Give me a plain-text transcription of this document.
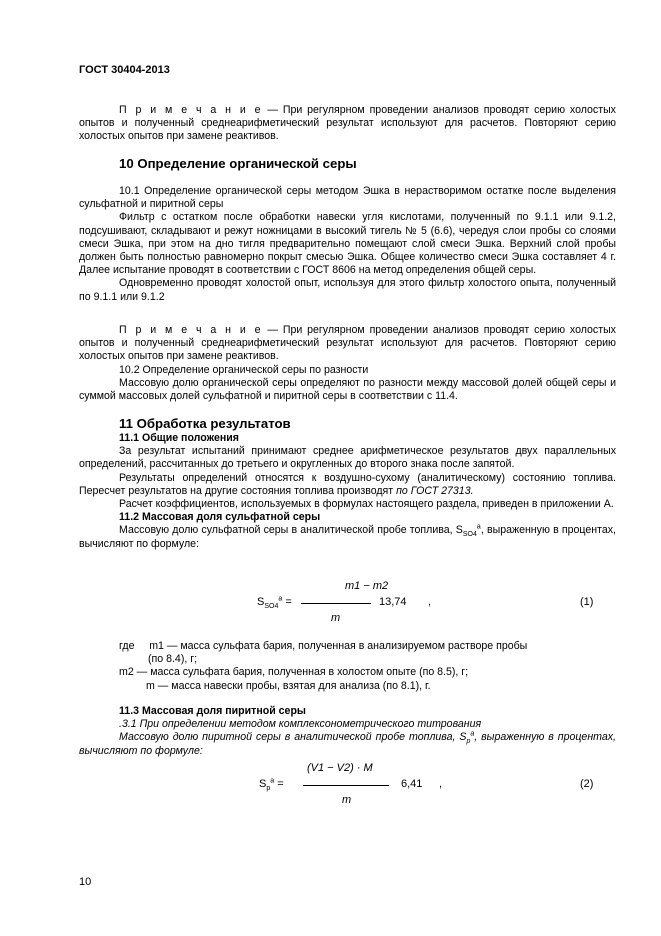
ГОСТ 30404-2013

П р и м е ч а н и е — При регулярном проведении анализов проводят серию холостых опытов и полученный среднеарифметический результат используют для расчетов. Повторяют серию холостых опытов при замене реактивов.

10 Определение органической серы

10.1 Определение органической серы методом Эшка в нерастворимом остатке после выделения сульфатной и пиритной серы

Фильтр с остатком после обработки навески угля кислотами, полученный по 9.1.1 или 9.1.2, подсушивают, складывают и режут ножницами в высокий тигель № 5 (6.6), чередуя слои пробы со слоями смеси Эшка, при этом на дно тигля предварительно помещают слой смеси Эшка. Верхний слой пробы должен быть полностью равномерно покрыт смесью Эшка. Общее количество смеси Эшка составляет 4 г. Далее испытание проводят в соответствии с ГОСТ 8606 на метод определения общей серы.

Одновременно проводят холостой опыт, используя для этого фильтр холостого опыта, полученный по 9.1.1 или 9.1.2

П р и м е ч а н и е — При регулярном проведении анализов проводят серию холостых опытов и полученный среднеарифметический результат используют для расчетов. Повторяют серию холостых опытов при замене реактивов.

10.2 Определение органической серы по разности

Массовую долю органической серы определяют по разности между массовой долей общей серы и суммой массовых долей сульфатной и пиритной серы в соответствии с 11.4.

11 Обработка результатов

11.1 Общие положения

За результат испытаний принимают среднее арифметическое результатов двух параллельных определений, рассчитанных до третьего и округленных до второго знака после запятой.

Результаты определений относятся к воздушно-сухому (аналитическому) состоянию топлива. Пересчет результатов на другие состояния топлива производят по ГОСТ 27313.

Расчет коэффициентов, используемых в формулах настоящего раздела, приведен в приложении А.

11.2 Массовая доля сульфатной серы

Массовую долю сульфатной серы в аналитической пробе топлива, $S_{SO4}^a$, выраженную в процентах, вычисляют по формуле:

m1 − m2
$S_{SO4}^a$ =	13,74 ,
m
(1)

где m1 — масса сульфата бария, полученная в анализируемом растворе пробы

(по 8.4), г;

m2 — масса сульфата бария, полученная в холостом опыте (по 8.5), г;

m — масса навески пробы, взятая для анализа (по 8.1), г.

11.3 Массовая доля пиритной серы

.3.1 При определении методом комплексонометрического титрования

Массовую долю пиритной серы в аналитической пробе топлива, $S_p^a$, выраженную в процентах, вычисляют по формуле:

(V1 − V2) · M
$S_p^a$ =	6,41 ,
m
(2)
10
